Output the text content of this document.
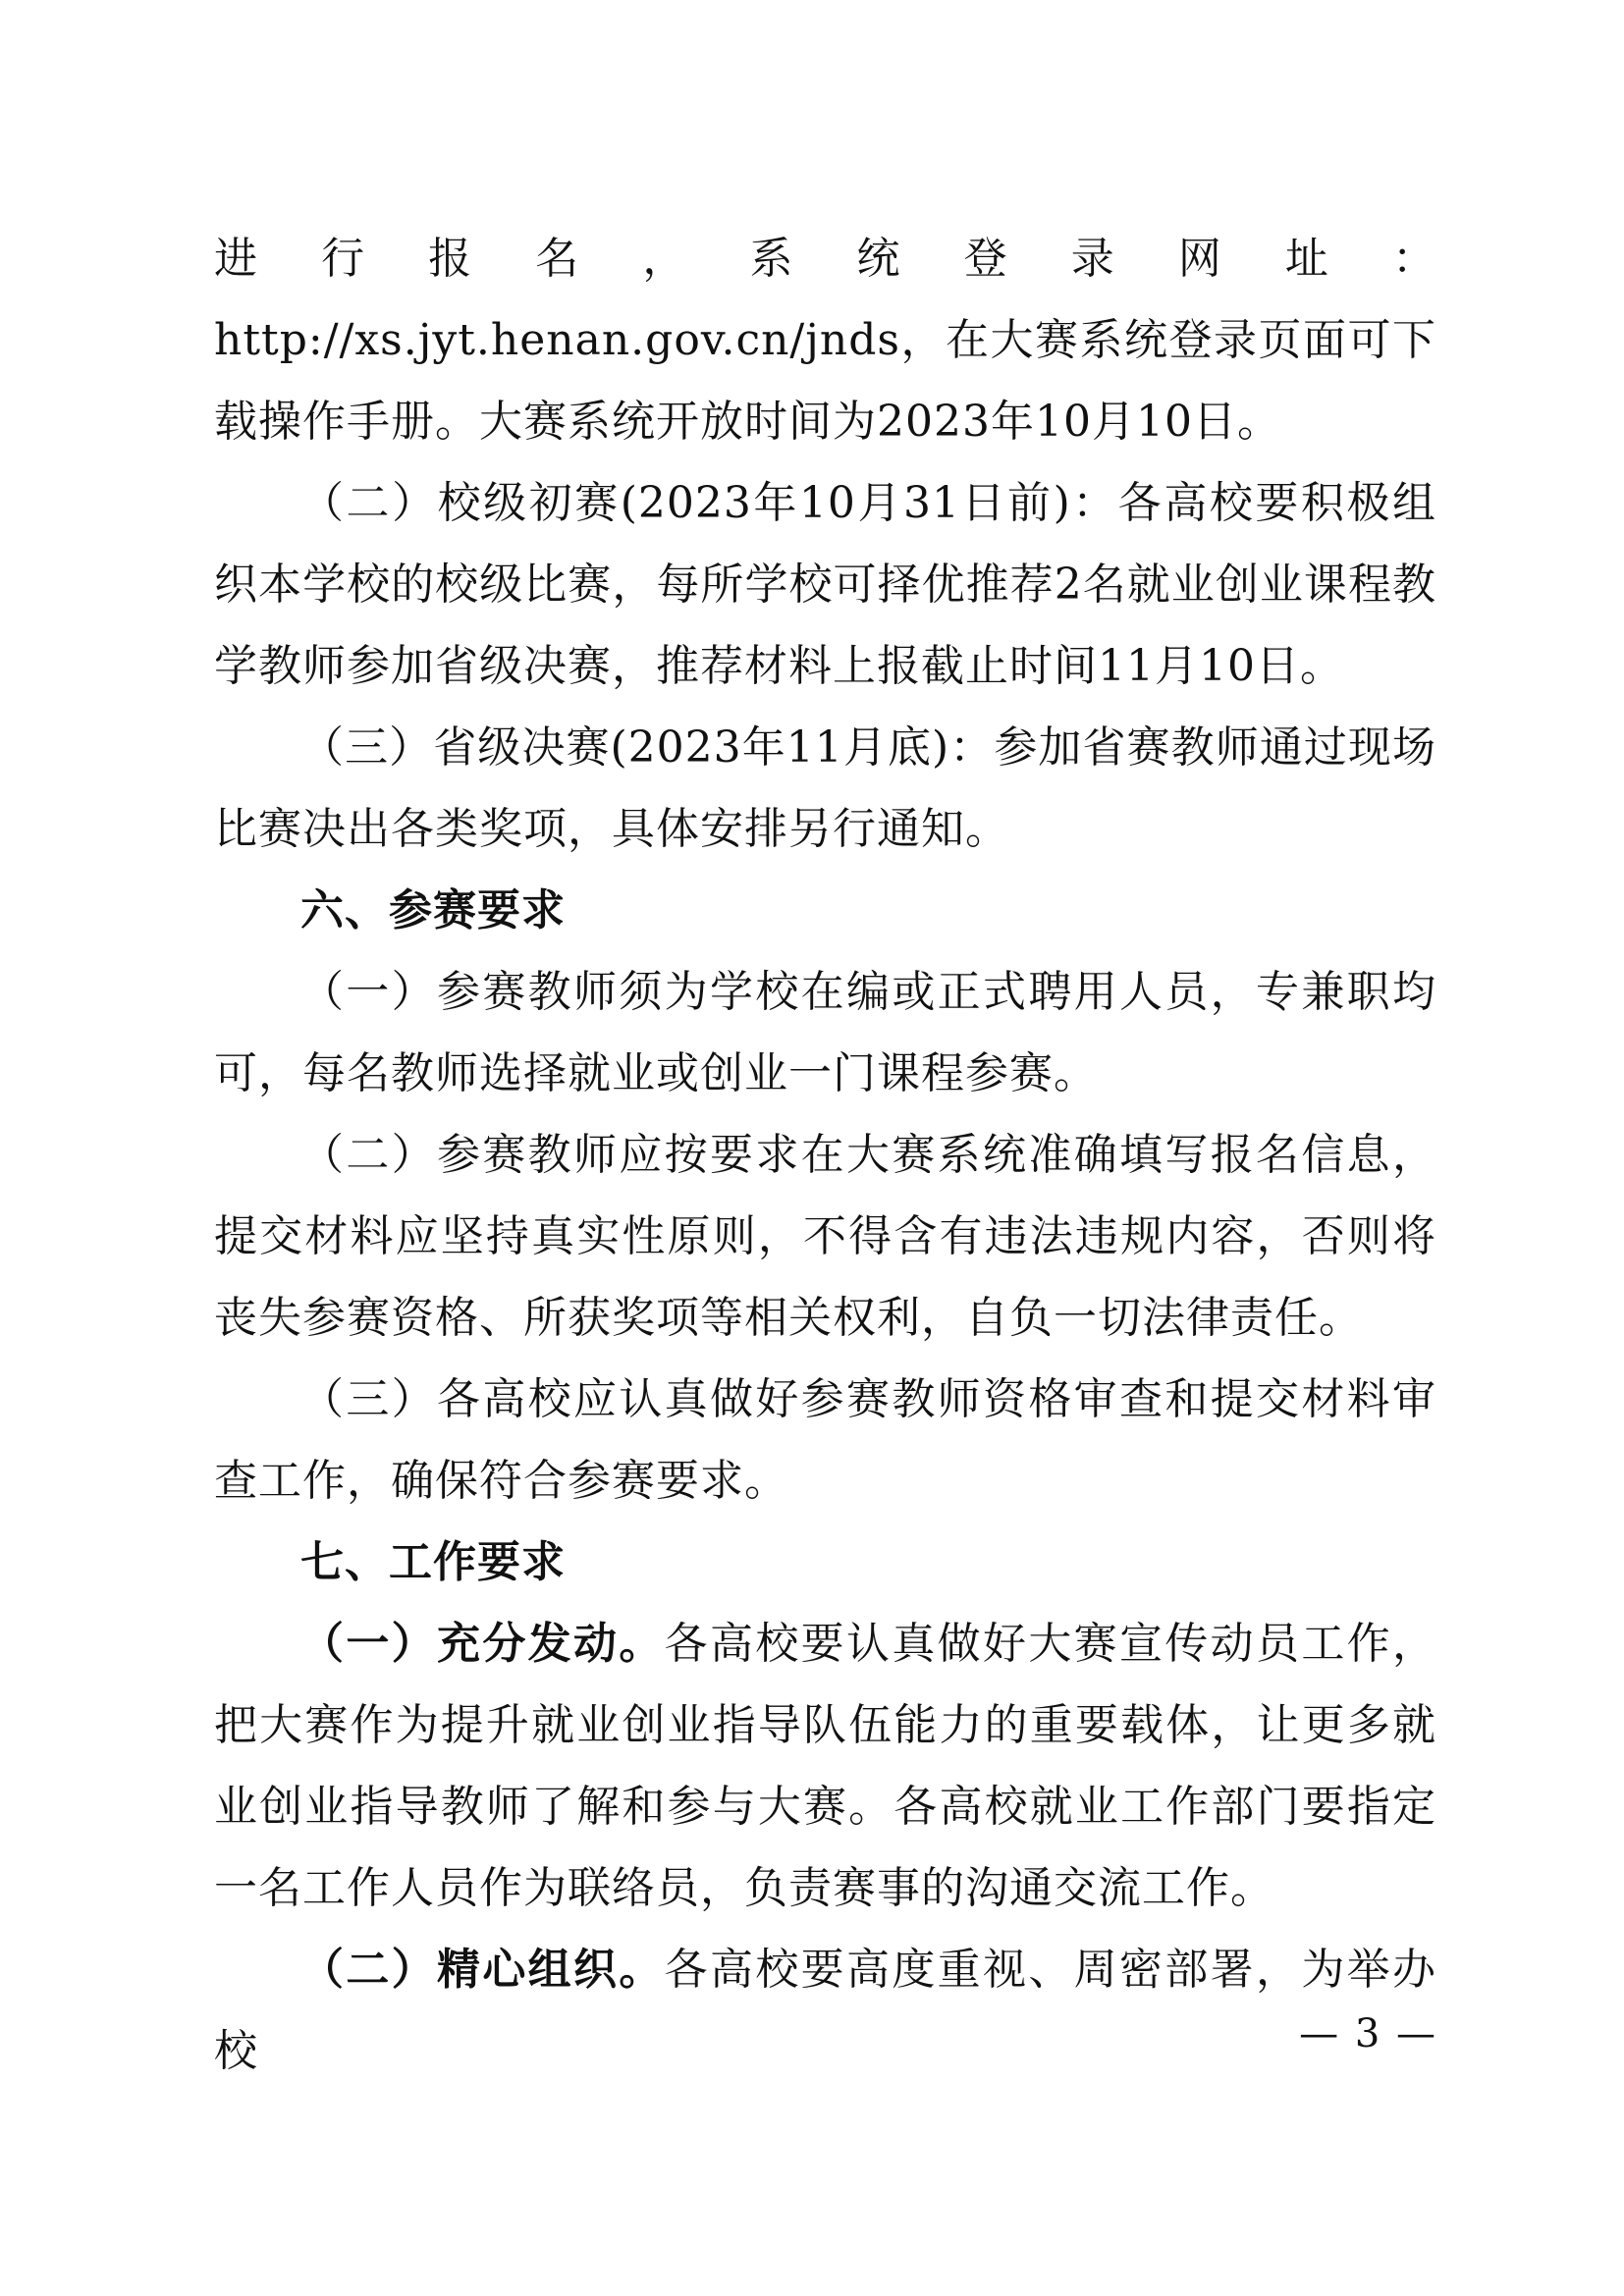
进行报名，系统登录网址：http://xs.jyt.henan.gov.cn/jnds，在大赛系统登录页面可下载操作手册。大赛系统开放时间为2023年10月10日。

（二）校级初赛(2023年10月31日前)：各高校要积极组织本学校的校级比赛，每所学校可择优推荐2名就业创业课程教学教师参加省级决赛，推荐材料上报截止时间11月10日。

（三）省级决赛(2023年11月底)：参加省赛教师通过现场比赛决出各类奖项，具体安排另行通知。

六、参赛要求

（一）参赛教师须为学校在编或正式聘用人员，专兼职均可，每名教师选择就业或创业一门课程参赛。

（二）参赛教师应按要求在大赛系统准确填写报名信息，提交材料应坚持真实性原则，不得含有违法违规内容，否则将丧失参赛资格、所获奖项等相关权利，自负一切法律责任。

（三）各高校应认真做好参赛教师资格审查和提交材料审查工作，确保符合参赛要求。

七、工作要求

（一）充分发动。各高校要认真做好大赛宣传动员工作，把大赛作为提升就业创业指导队伍能力的重要载体，让更多就业创业指导教师了解和参与大赛。各高校就业工作部门要指定一名工作人员作为联络员，负责赛事的沟通交流工作。

（二）精心组织。各高校要高度重视、周密部署，为举办校	— 3 —
